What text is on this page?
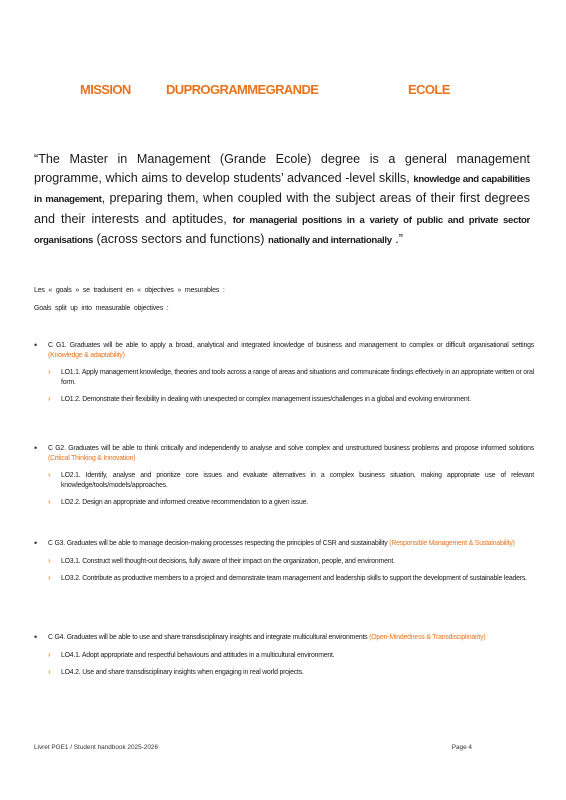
MISSION	DUPROGRAMMEGRANDE	ECOLE
“The Master in Management (Grande Ecole) degree is a general management programme, which aims to develop students’ advanced -level skills, knowledge and capabilities in management, preparing them, when coupled with the subject areas of their first degrees and their interests and aptitudes, for managerial positions in a variety of public and private sector organisations (across sectors and functions) nationally and internationally .”
Les « goals » se traduisent en « objectives » mesurables :
Goals split up into measurable objectives :
• C G1. Graduates will be able to apply a broad, analytical and integrated knowledge of business and management to complex or difficult organisational settings (Knowledge & adaptability)
› LO1.1. Apply management knowledge, theories and tools across a range of areas and situations and communicate findings effectively in an appropriate written or oral form.
› LO1.2. Demonstrate their flexibility in dealing with unexpected or complex management issues/challenges in a global and evolving environment.
• C G2. Graduates will be able to think critically and independently to analyse and solve complex and unstructured business problems and propose informed solutions (Critical Thinking & Innovation)
› LO2.1. Identify, analyse and prioritize core issues and evaluate alternatives in a complex business situation, making appropriate use of relevant knowledge/tools/models/approaches.
› LO2.2. Design an appropriate and informed creative recommendation to a given issue.
• C G3. Graduates will be able to manage decision-making processes respecting the principles of CSR and sustainability (Responsible Management & Sustainability)
› LO3.1. Construct well thought-out decisions, fully aware of their impact on the organization, people, and environment.
› LO3.2. Contribute as productive members to a project and demonstrate team management and leadership skills to support the development of sustainable leaders.
• C G4. Graduates will be able to use and share transdisciplinary insights and integrate multicultural environments (Open-Mindedness & Transdisciplinarity)
› LO4.1. Adopt appropriate and respectful behaviours and attitudes in a multicultural environment.
› LO4.2. Use and share transdisciplinary insights when engaging in real world projects.
Livret PGE1 / Student handbook 2025-2026	Page 4
